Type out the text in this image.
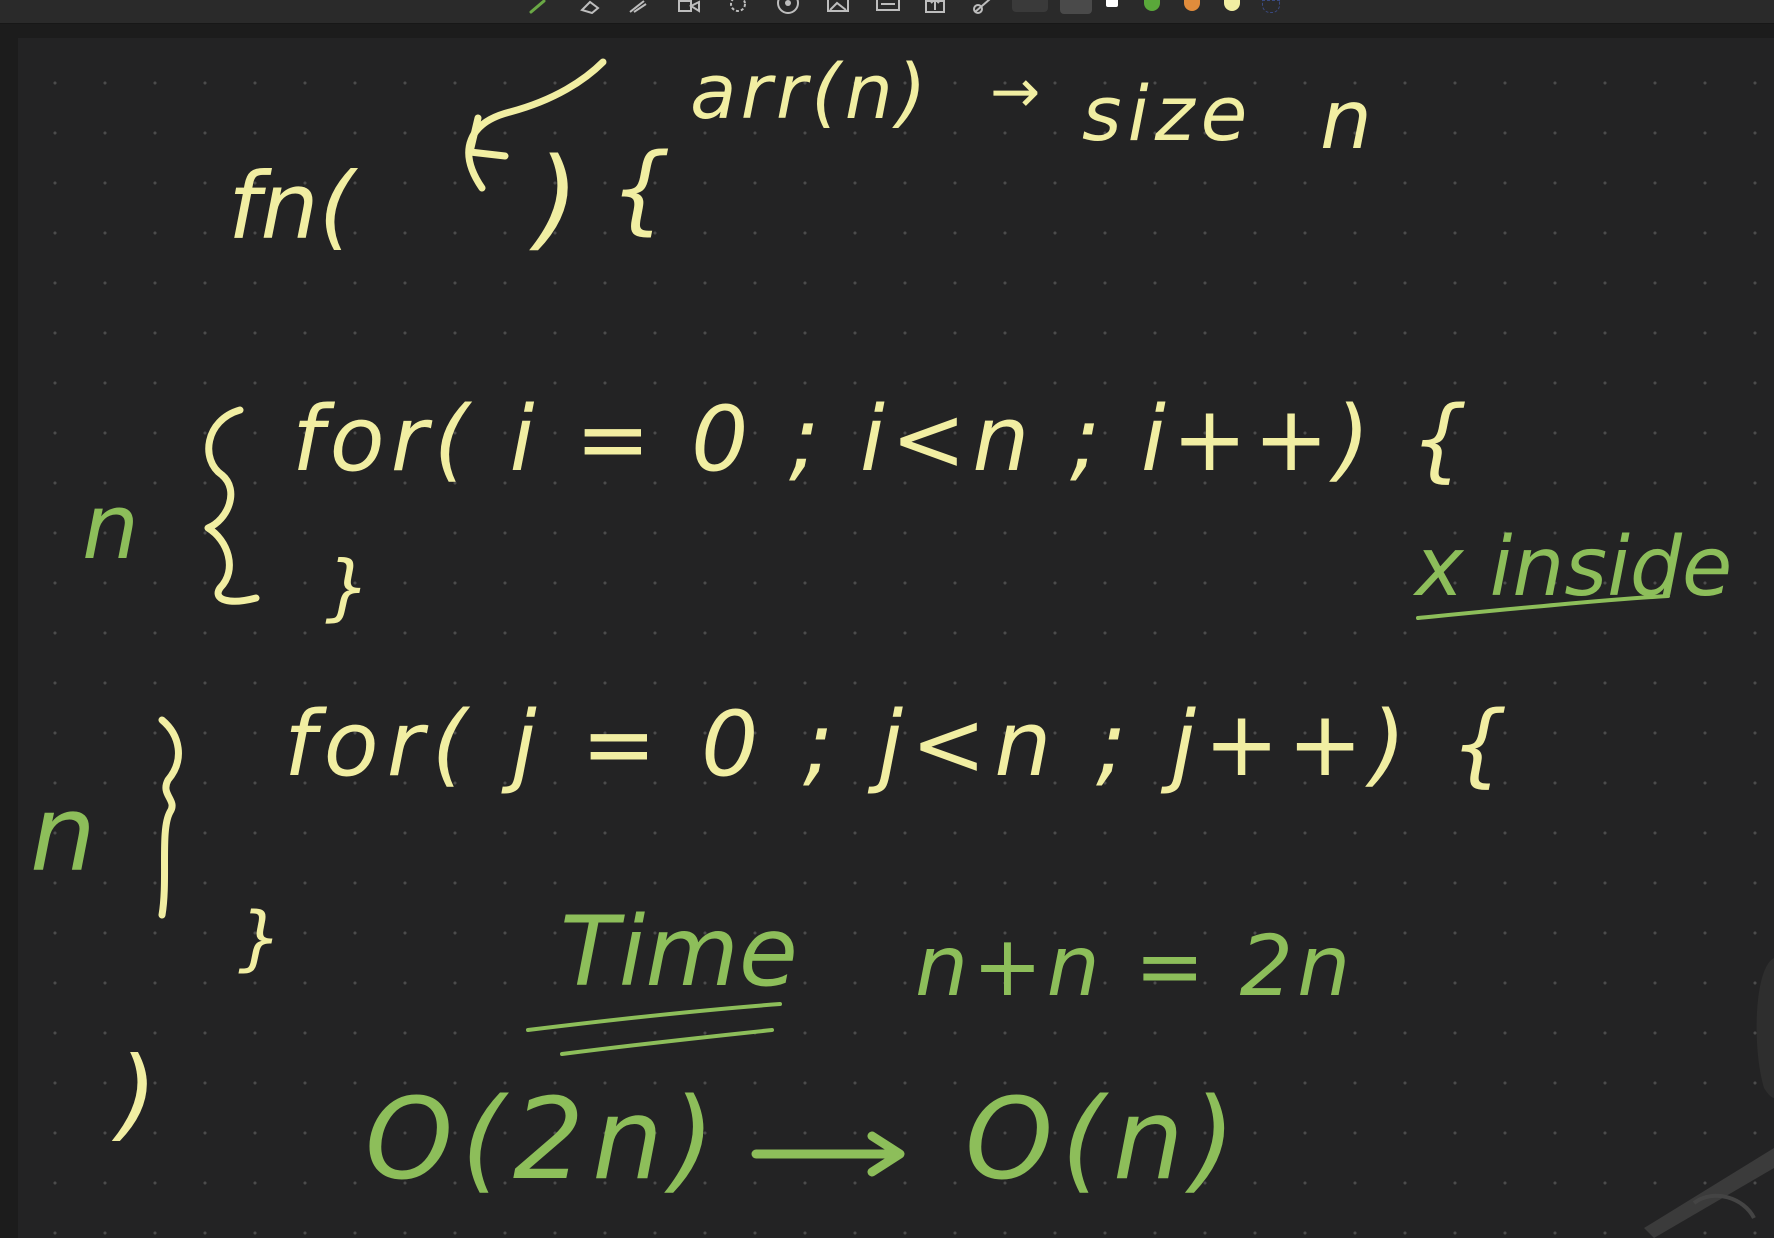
fn( ) {
arr(n) → size n
n
for( i = 0 ; i<n ; i++) {
}	x inside
n
for( j = 0 ; j<n ; j++) {
}
)
Time n+n = 2n
O(2n) O(n)
